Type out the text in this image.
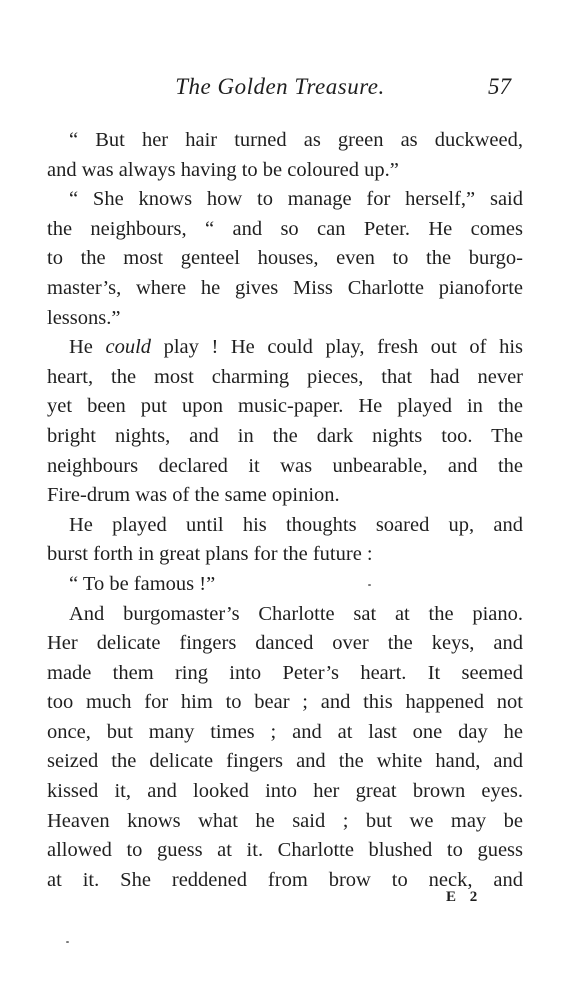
The Golden Treasure.	57
“ But her hair turned as green as duckweed,
and was always having to be coloured up.”
“ She knows how to manage for herself,” said
the neighbours, “ and so can Peter. He comes
to the most genteel houses, even to the burgo-
master’s, where he gives Miss Charlotte pianoforte
lessons.”
He could play ! He could play, fresh out of his
heart, the most charming pieces, that had never
yet been put upon music-paper. He played in the
bright nights, and in the dark nights too. The
neighbours declared it was unbearable, and the
Fire-drum was of the same opinion.
He played until his thoughts soared up, and
burst forth in great plans for the future :
“ To be famous !”
And burgomaster’s Charlotte sat at the piano.
Her delicate fingers danced over the keys, and
made them ring into Peter’s heart. It seemed
too much for him to bear ; and this happened not
once, but many times ; and at last one day he
seized the delicate fingers and the white hand, and
kissed it, and looked into her great brown eyes.
Heaven knows what he said ; but we may be
allowed to guess at it. Charlotte blushed to guess
at it. She reddened from brow to neck, and
E 2
